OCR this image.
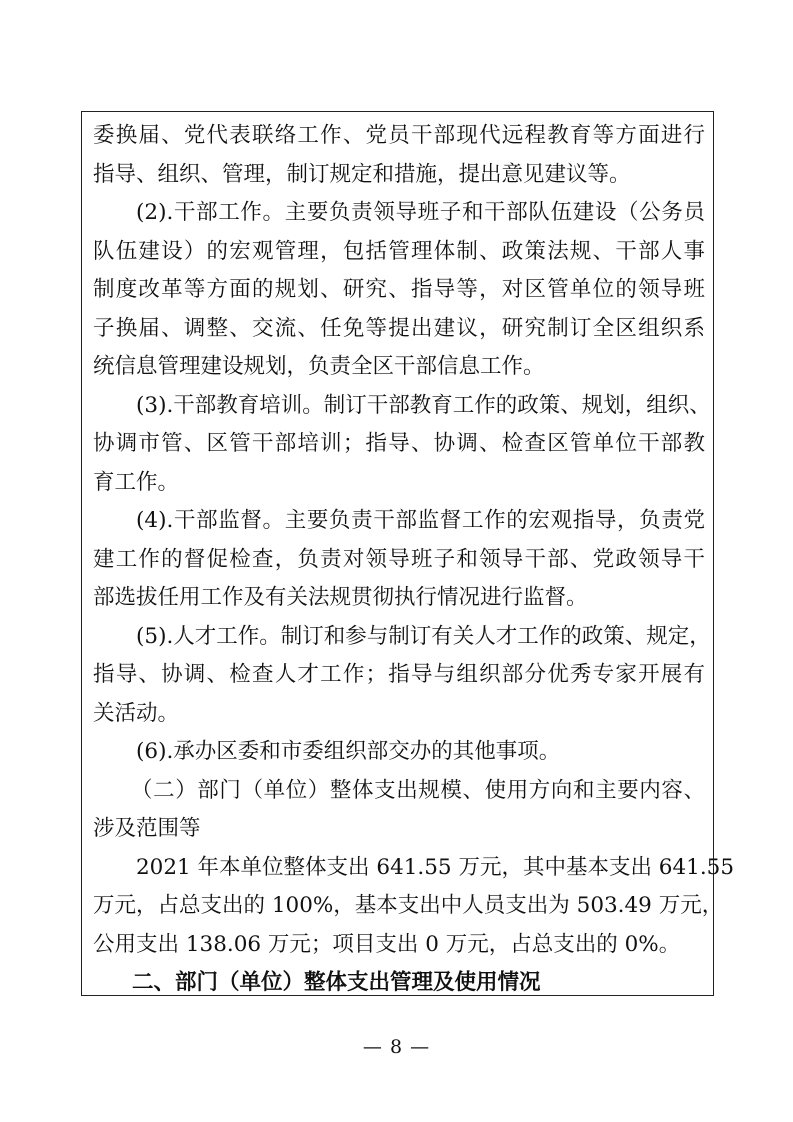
委换届、党代表联络工作、党员干部现代远程教育等方面进行
指导、组织、管理，制订规定和措施，提出意见建议等。
(2).干部工作。主要负责领导班子和干部队伍建设（公务员
队伍建设）的宏观管理，包括管理体制、政策法规、干部人事
制度改革等方面的规划、研究、指导等，对区管单位的领导班
子换届、调整、交流、任免等提出建议，研究制订全区组织系
统信息管理建设规划，负责全区干部信息工作。
(3).干部教育培训。制订干部教育工作的政策、规划，组织、
协调市管、区管干部培训；指导、协调、检查区管单位干部教
育工作。
(4).干部监督。主要负责干部监督工作的宏观指导，负责党
建工作的督促检查，负责对领导班子和领导干部、党政领导干
部选拔任用工作及有关法规贯彻执行情况进行监督。
(5).人才工作。制订和参与制订有关人才工作的政策、规定，
指导、协调、检查人才工作；指导与组织部分优秀专家开展有
关活动。
(6).承办区委和市委组织部交办的其他事项。
（二）部门（单位）整体支出规模、使用方向和主要内容、
涉及范围等
2021 年本单位整体支出 641.55 万元，其中基本支出 641.55
万元，占总支出的 100%，基本支出中人员支出为 503.49 万元，
公用支出 138.06 万元；项目支出 0 万元，占总支出的 0%。
二、部门（单位）整体支出管理及使用情况
— 8 —
